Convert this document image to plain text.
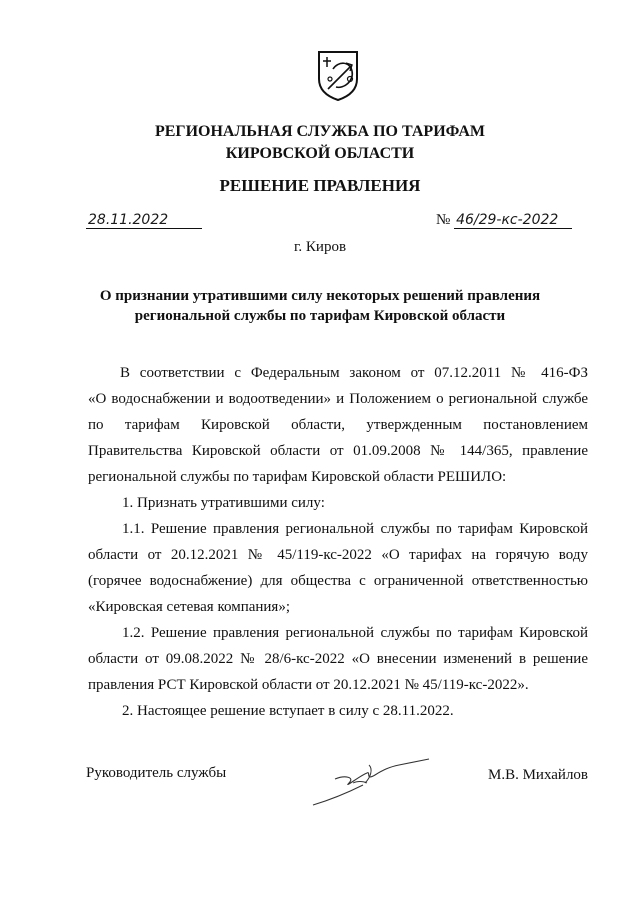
РЕГИОНАЛЬНАЯ СЛУЖБА ПО ТАРИФАМ
КИРОВСКОЙ ОБЛАСТИ
РЕШЕНИЕ ПРАВЛЕНИЯ
28.11.2022	№ 46/29-кс-2022
г. Киров
О признании утратившими силу некоторых решений правления
региональной службы по тарифам Кировской области
В соответствии с Федеральным законом от 07.12.2011 № 416-ФЗ
«О водоснабжении и водоотведении» и Положением о региональной службе
по тарифам Кировской области, утвержденным постановлением
Правительства Кировской области от 01.09.2008 № 144/365, правление
региональной службы по тарифам Кировской области РЕШИЛО:
1. Признать утратившими силу:
1.1. Решение правления региональной службы по тарифам Кировской
области от 20.12.2021 № 45/119-кс-2022 «О тарифах на горячую воду
(горячее водоснабжение) для общества с ограниченной ответственностью
«Кировская сетевая компания»;
1.2. Решение правления региональной службы по тарифам Кировской
области от 09.08.2022 № 28/6-кс-2022 «О внесении изменений в решение
правления РСТ Кировской области от 20.12.2021 № 45/119-кс-2022».
2. Настоящее решение вступает в силу с 28.11.2022.
Руководитель службы	М.В. Михайлов
